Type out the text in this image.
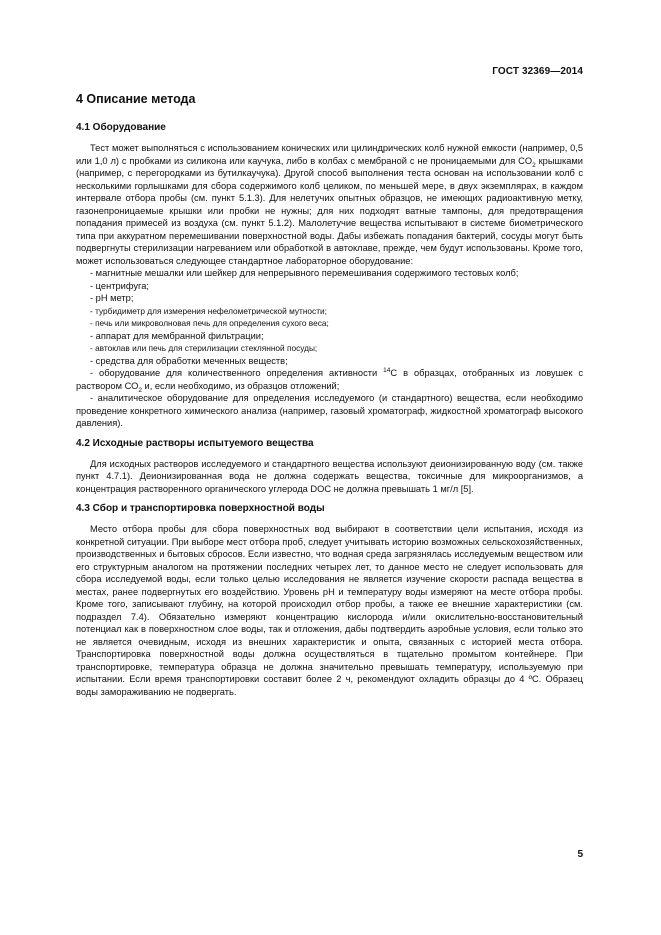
ГОСТ 32369—2014
4 Описание метода
4.1 Оборудование

Тест может выполняться с использованием конических или цилиндрических колб нужной емкости (например, 0,5 или 1,0 л) с пробками из силикона или каучука, либо в колбах с мембраной с не проницаемыми для $CO_2$ крышками (например, с перегородками из бутилкаучука). Другой способ выполнения теста основан на использовании колб с несколькими горлышками для сбора содержимого колб целиком, по меньшей мере, в двух экземплярах, в каждом интервале отбора пробы (см. пункт 5.1.3). Для нелетучих опытных образцов, не имеющих радиоактивную метку, газонепроницаемые крышки или пробки не нужны; для них подходят ватные тампоны, для предотвращения попадания примесей из воздуха (см. пункт 5.1.2). Малолетучие вещества испытывают в системе биометрического типа при аккуратном перемешивании поверхностной воды. Дабы избежать попадания бактерий, сосуды могут быть подвергнуты стерилизации нагреванием или обработкой в автоклаве, прежде, чем будут использованы. Кроме того, может использоваться следующее стандартное лабораторное оборудование:

- магнитные мешалки или шейкер для непрерывного перемешивания содержимого тестовых колб;

- центрифуга;

- рН метр;

- турбидиметр для измерения нефелометрической мутности;

- печь или микроволновая печь для определения сухого веса;

- аппарат для мембранной фильтрации;

- автоклав или печь для стерилизации стеклянной посуды;

- средства для обработки меченных веществ;

- оборудование для количественного определения активности $^{14}$С в образцах, отобранных из ловушек с раствором $СО_2$ и, если необходимо, из образцов отложений;

- аналитическое оборудование для определения исследуемого (и стандартного) вещества, если необходимо проведение конкретного химического анализа (например, газовый хроматограф, жидкостной хроматограф высокого давления).

4.2 Исходные растворы испытуемого вещества

Для исходных растворов исследуемого и стандартного вещества используют деионизированную воду (см. также пункт 4.7.1). Деионизированная вода не должна содержать вещества, токсичные для микроорганизмов, а концентрация растворенного органического углерода DOC не должна превышать 1 мг/л [5].

4.3 Сбор и транспортировка поверхностной воды

Место отбора пробы для сбора поверхностных вод выбирают в соответствии цели испытания, исходя из конкретной ситуации. При выборе мест отбора проб, следует учитывать историю возможных сельскохозяйственных, производственных и бытовых сбросов. Если известно, что водная среда загрязнялась исследуемым веществом или его структурным аналогом на протяжении последних четырех лет, то данное место не следует использовать для сбора исследуемой воды, если только целью исследования не является изучение скорости распада вещества в местах, ранее подвергнутых его воздействию. Уровень рН и температуру воды измеряют на месте отбора пробы. Кроме того, записывают глубину, на которой происходил отбор пробы, а также ее внешние характеристики (см. подраздел 7.4). Обязательно измеряют концентрацию кислорода и/или окислительно-восстановительный потенциал как в поверхностном слое воды, так и отложения, дабы подтвердить аэробные условия, если только это не является очевидным, исходя из внешних характеристик и опыта, связанных с историей места отбора. Транспортировка поверхностной воды должна осуществляться в тщательно промытом контейнере. При транспортировке, температура образца не должна значительно превышать температуру, используемую при испытании. Если время транспортировки составит более 2 ч, рекомендуют охладить образцы до 4 ºС. Образец воды замораживанию не подвергать.

5
